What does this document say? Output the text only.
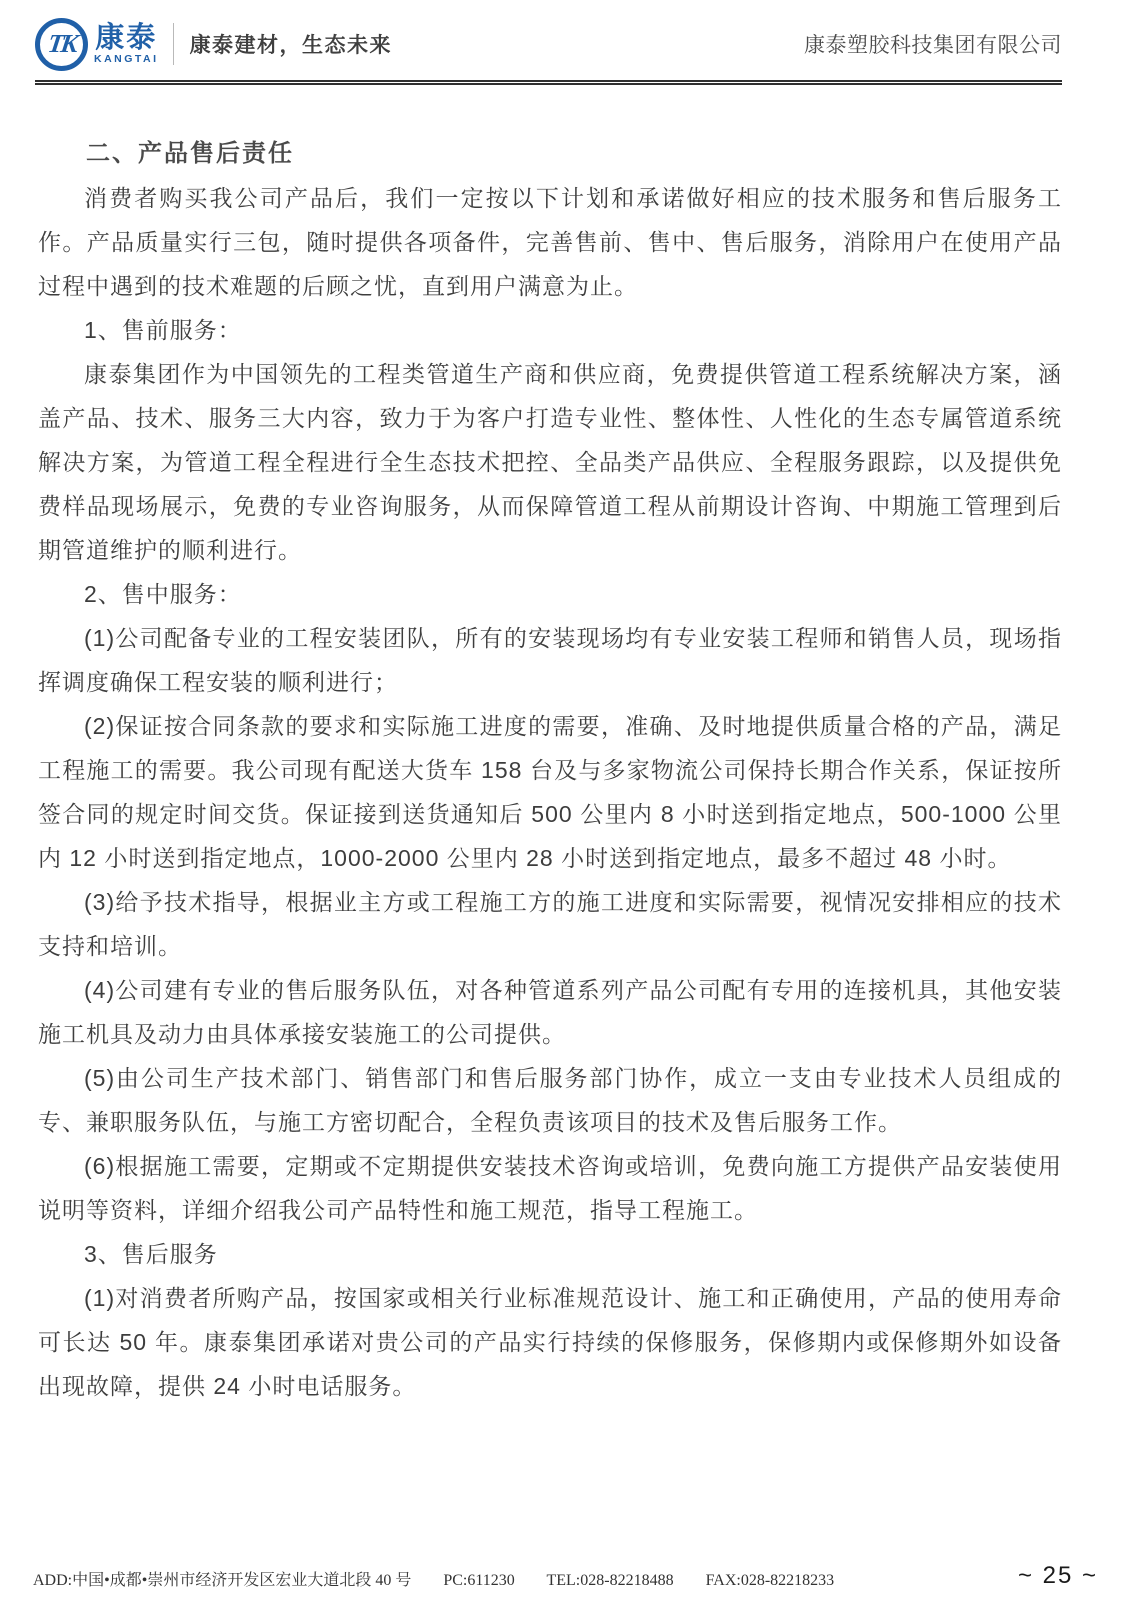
TK 康泰
KANGTAI
康泰建材，生态未来	康泰塑胶科技集团有限公司
二、产品售后责任

消费者购买我公司产品后，我们一定按以下计划和承诺做好相应的技术服务和售后服务工作。产品质量实行三包，随时提供各项备件，完善售前、售中、售后服务，消除用户在使用产品过程中遇到的技术难题的后顾之忧，直到用户满意为止。

1、售前服务：

康泰集团作为中国领先的工程类管道生产商和供应商，免费提供管道工程系统解决方案，涵盖产品、技术、服务三大内容，致力于为客户打造专业性、整体性、人性化的生态专属管道系统解决方案，为管道工程全程进行全生态技术把控、全品类产品供应、全程服务跟踪，以及提供免费样品现场展示，免费的专业咨询服务，从而保障管道工程从前期设计咨询、中期施工管理到后期管道维护的顺利进行。

2、售中服务：

(1)公司配备专业的工程安装团队，所有的安装现场均有专业安装工程师和销售人员，现场指挥调度确保工程安装的顺利进行；

(2)保证按合同条款的要求和实际施工进度的需要，准确、及时地提供质量合格的产品，满足工程施工的需要。我公司现有配送大货车 158 台及与多家物流公司保持长期合作关系，保证按所签合同的规定时间交货。保证接到送货通知后 500 公里内 8 小时送到指定地点，500-1000 公里内 12 小时送到指定地点，1000-2000 公里内 28 小时送到指定地点，最多不超过 48 小时。

(3)给予技术指导，根据业主方或工程施工方的施工进度和实际需要，视情况安排相应的技术支持和培训。

(4)公司建有专业的售后服务队伍，对各种管道系列产品公司配有专用的连接机具，其他安装施工机具及动力由具体承接安装施工的公司提供。

(5)由公司生产技术部门、销售部门和售后服务部门协作，成立一支由专业技术人员组成的专、兼职服务队伍，与施工方密切配合，全程负责该项目的技术及售后服务工作。

(6)根据施工需要，定期或不定期提供安装技术咨询或培训，免费向施工方提供产品安装使用说明等资料，详细介绍我公司产品特性和施工规范，指导工程施工。

3、售后服务

(1)对消费者所购产品，按国家或相关行业标准规范设计、施工和正确使用，产品的使用寿命可长达 50 年。康泰集团承诺对贵公司的产品实行持续的保修服务，保修期内或保修期外如设备出现故障，提供 24 小时电话服务。

ADD:中国•成都•崇州市经济开发区宏业大道北段 40 号 PC:611230 TEL:028-82218488 FAX:028-82218233	~ 25 ~
